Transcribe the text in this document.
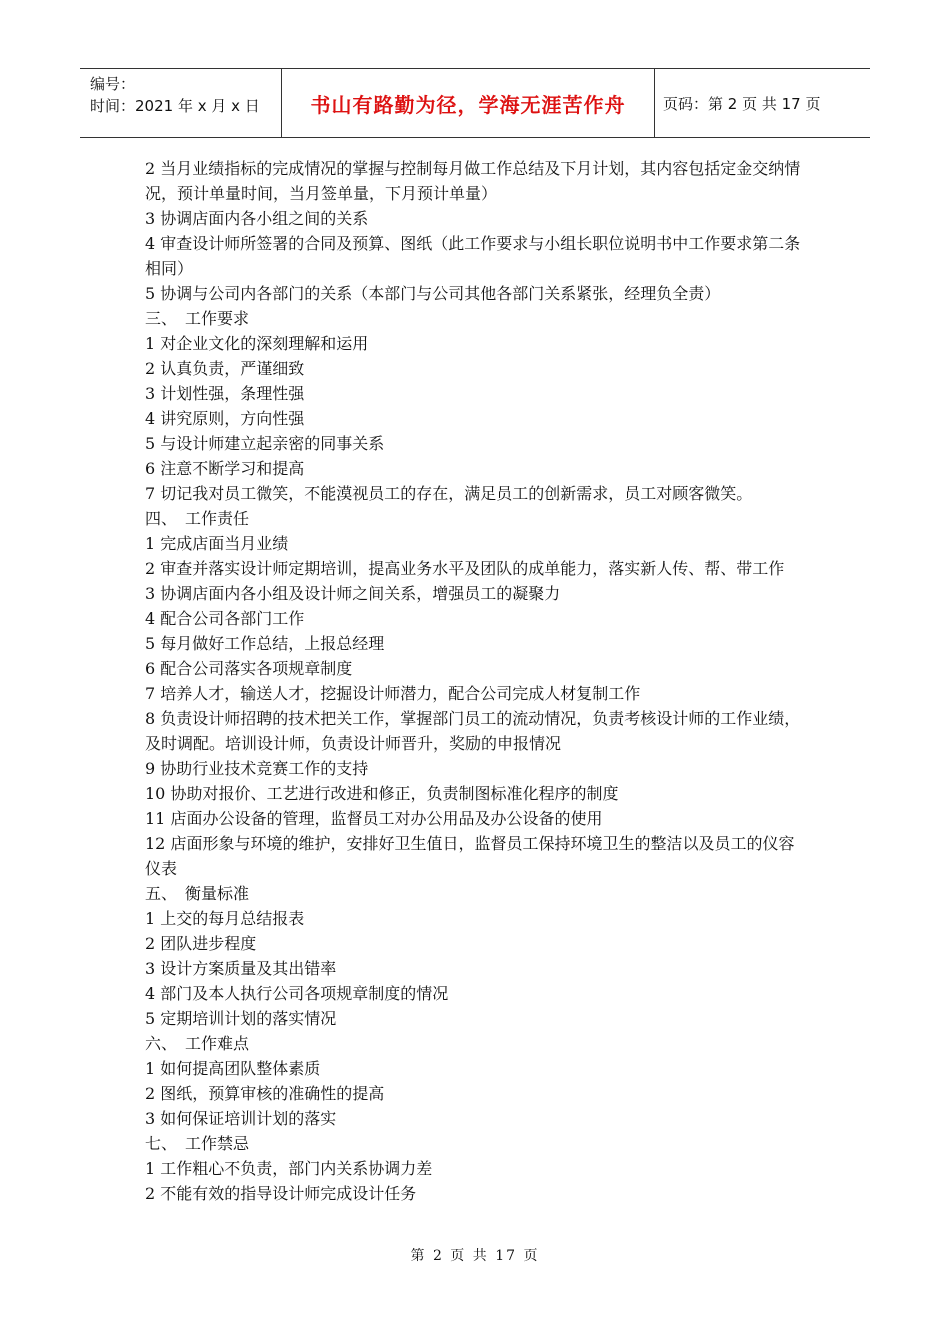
编号：
时间：2021 年 x 月 x 日	书山有路勤为径，学海无涯苦作舟	页码：第 2 页 共 17 页

2 当月业绩指标的完成情况的掌握与控制每月做工作总结及下月计划，其内容包括定金交纳情况，预计单量时间，当月签单量，下月预计单量）

3 协调店面内各小组之间的关系

4 审查设计师所签署的合同及预算、图纸（此工作要求与小组长职位说明书中工作要求第二条相同）

5 协调与公司内各部门的关系（本部门与公司其他各部门关系紧张，经理负全责）

三、　工作要求

1 对企业文化的深刻理解和运用

2 认真负责，严谨细致

3 计划性强，条理性强

4 讲究原则，方向性强

5 与设计师建立起亲密的同事关系

6 注意不断学习和提高

7 切记我对员工微笑，不能漠视员工的存在，满足员工的创新需求，员工对顾客微笑。

四、　工作责任

1 完成店面当月业绩

2 审查并落实设计师定期培训，提高业务水平及团队的成单能力，落实新人传、帮、带工作

3 协调店面内各小组及设计师之间关系，增强员工的凝聚力

4 配合公司各部门工作

5 每月做好工作总结，上报总经理

6 配合公司落实各项规章制度

7 培养人才，输送人才，挖掘设计师潜力，配合公司完成人材复制工作

8 负责设计师招聘的技术把关工作，掌握部门员工的流动情况，负责考核设计师的工作业绩，及时调配。培训设计师，负责设计师晋升，奖励的申报情况

9 协助行业技术竞赛工作的支持

10 协助对报价、工艺进行改进和修正，负责制图标准化程序的制度

11 店面办公设备的管理，监督员工对办公用品及办公设备的使用

12 店面形象与环境的维护，安排好卫生值日，监督员工保持环境卫生的整洁以及员工的仪容仪表

五、　衡量标准

1 上交的每月总结报表

2 团队进步程度

3 设计方案质量及其出错率

4 部门及本人执行公司各项规章制度的情况

5 定期培训计划的落实情况

六、　工作难点

1 如何提高团队整体素质

2 图纸，预算审核的准确性的提高

3 如何保证培训计划的落实

七、　工作禁忌

1 工作粗心不负责，部门内关系协调力差

2 不能有效的指导设计师完成设计任务

第 2 页 共 17 页
